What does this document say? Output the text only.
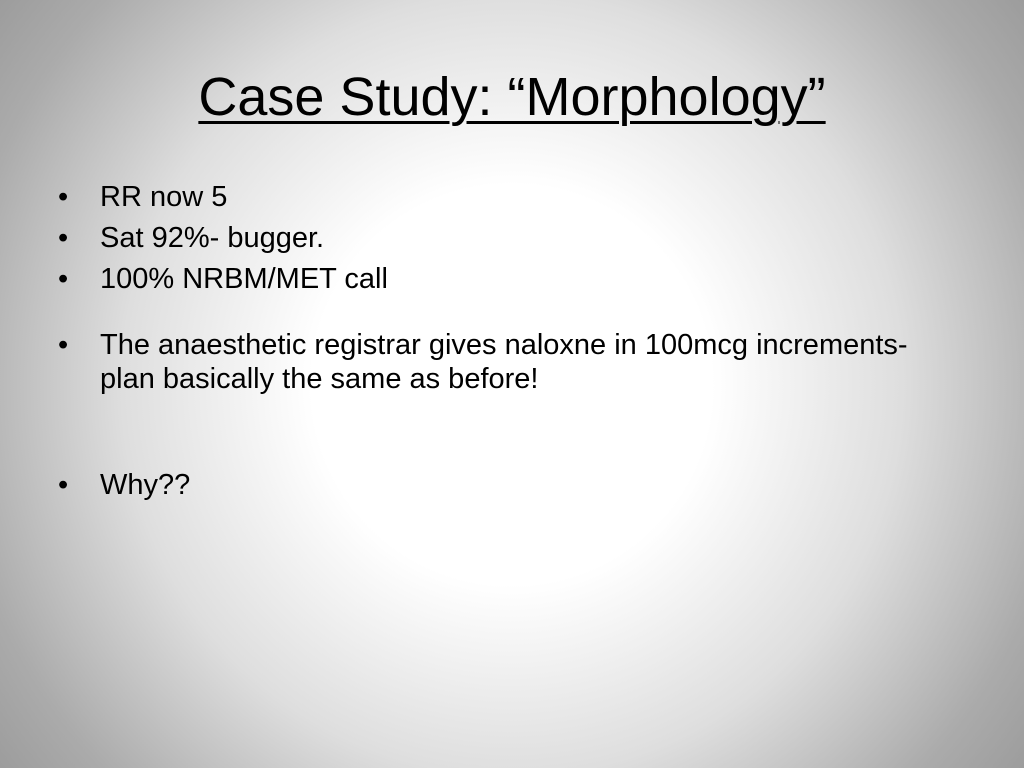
Case Study: “Morphology”
• RR now 5
• Sat 92%- bugger.
• 100% NRBM/MET call
• The anaesthetic registrar gives naloxne in 100mcg increments- plan basically the same as before!
• Why??
